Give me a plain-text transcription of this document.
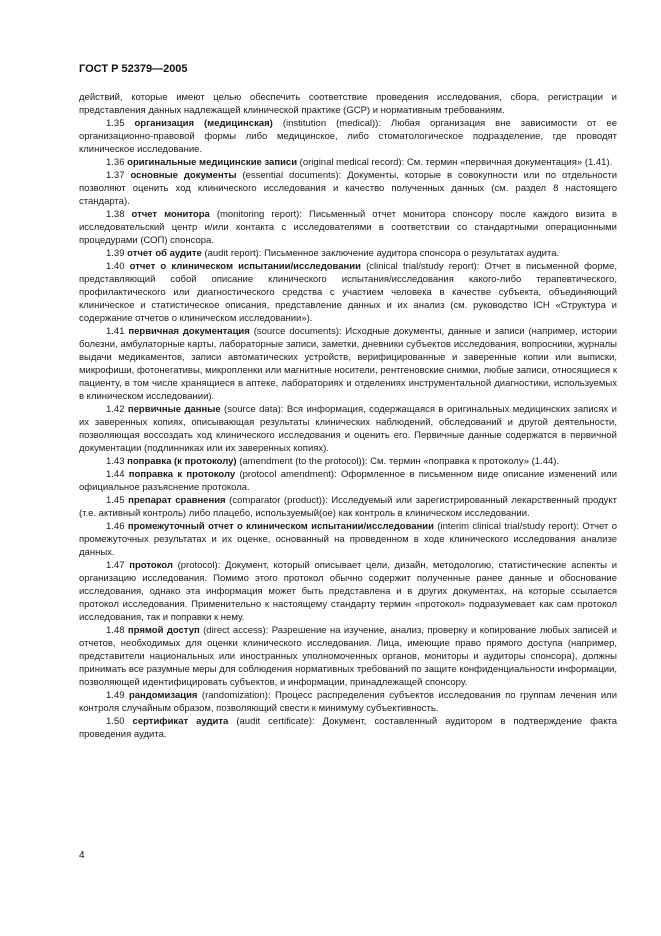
ГОСТ Р 52379—2005

действий, которые имеют целью обеспечить соответствие проведения исследования, сбора, регистрации и представления данных надлежащей клинической практике (GCP) и нормативным требованиям.

1.35 организация (медицинская) (institution (medical)): Любая организация вне зависимости от ее организационно-правовой формы либо медицинское, либо стоматологическое подразделение, где проводят клиническое исследование.

1.36 оригинальные медицинские записи (original medical record): См. термин «первичная документация» (1.41).

1.37 основные документы (essential documents): Документы, которые в совокупности или по отдельности позволяют оценить ход клинического исследования и качество полученных данных (см. раздел 8 настоящего стандарта).

1.38 отчет монитора (monitoring report): Письменный отчет монитора спонсору после каждого визита в исследовательский центр и/или контакта с исследователями в соответствии со стандартными операционными процедурами (СОП) спонсора.

1.39 отчет об аудите (audit report): Письменное заключение аудитора спонсора о результатах аудита.

1.40 отчет о клиническом испытании/исследовании (clinical trial/study report): Отчет в письменной форме, представляющий собой описание клинического испытания/исследования какого-либо терапевтического, профилактического или диагностического средства с участием человека в качестве субъекта, объединяющий клиническое и статистическое описания, представление данных и их анализ (см. руководство ICH «Структура и содержание отчетов о клиническом исследовании»).

1.41 первичная документация (source documents): Исходные документы, данные и записи (например, истории болезни, амбулаторные карты, лабораторные записи, заметки, дневники субъектов исследования, вопросники, журналы выдачи медикаментов, записи автоматических устройств, верифицированные и заверенные копии или выписки, микрофиши, фотонегативы, микропленки или магнитные носители, рентгеновские снимки, любые записи, относящиеся к пациенту, в том числе хранящиеся в аптеке, лабораториях и отделениях инструментальной диагностики, используемых в клиническом исследовании).

1.42 первичные данные (source data): Вся информация, содержащаяся в оригинальных медицинских записях и их заверенных копиях, описывающая результаты клинических наблюдений, обследований и другой деятельности, позволяющая воссоздать ход клинического исследования и оценить его. Первичные данные содержатся в первичной документации (подлинниках или их заверенных копиях).

1.43 поправка (к протоколу) (amendment (to the protocol)): См. термин «поправка к протоколу» (1.44).

1.44 поправка к протоколу (protocol amendment): Оформленное в письменном виде описание изменений или официальное разъяснение протокола.

1.45 препарат сравнения (comparator (product)): Исследуемый или зарегистрированный лекарственный продукт (т.е. активный контроль) либо плацебо, используемый(ое) как контроль в клиническом исследовании.

1.46 промежуточный отчет о клиническом испытании/исследовании (interim clinical trial/study report): Отчет о промежуточных результатах и их оценке, основанный на проведенном в ходе клинического исследования анализе данных.

1.47 протокол (protocol): Документ, который описывает цели, дизайн, методологию, статистические аспекты и организацию исследования. Помимо этого протокол обычно содержит полученные ранее данные и обоснование исследования, однако эта информация может быть представлена и в других документах, на которые ссылается протокол исследования. Применительно к настоящему стандарту термин «протокол» подразумевает как сам протокол исследования, так и поправки к нему.

1.48 прямой доступ (direct access): Разрешение на изучение, анализ, проверку и копирование любых записей и отчетов, необходимых для оценки клинического исследования. Лица, имеющие право прямого доступа (например, представители национальных или иностранных уполномоченных органов, мониторы и аудиторы спонсора), должны принимать все разумные меры для соблюдения нормативных требований по защите конфиденциальности информации, позволяющей идентифицировать субъектов, и информации, принадлежащей спонсору.

1.49 рандомизация (randomization): Процесс распределения субъектов исследования по группам лечения или контроля случайным образом, позволяющий свести к минимуму субъективность.

1.50 сертификат аудита (audit certificate): Документ, составленный аудитором в подтверждение факта проведения аудита.

4
